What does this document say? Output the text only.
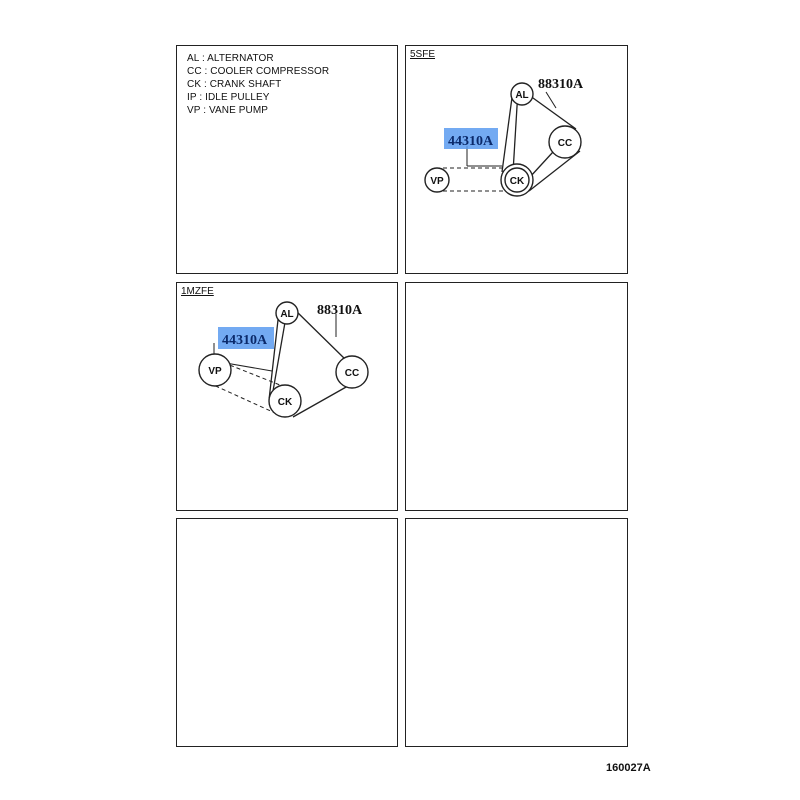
AL : ALTERNATOR
CC : COOLER COMPRESSOR
CK : CRANK SHAFT
IP : IDLE PULLEY
VP : VANE PUMP
5SFE
AL
CC
CK
VP
88310A
44310A
1MZFE
AL
CC
CK
VP
88310A
44310A
160027A
